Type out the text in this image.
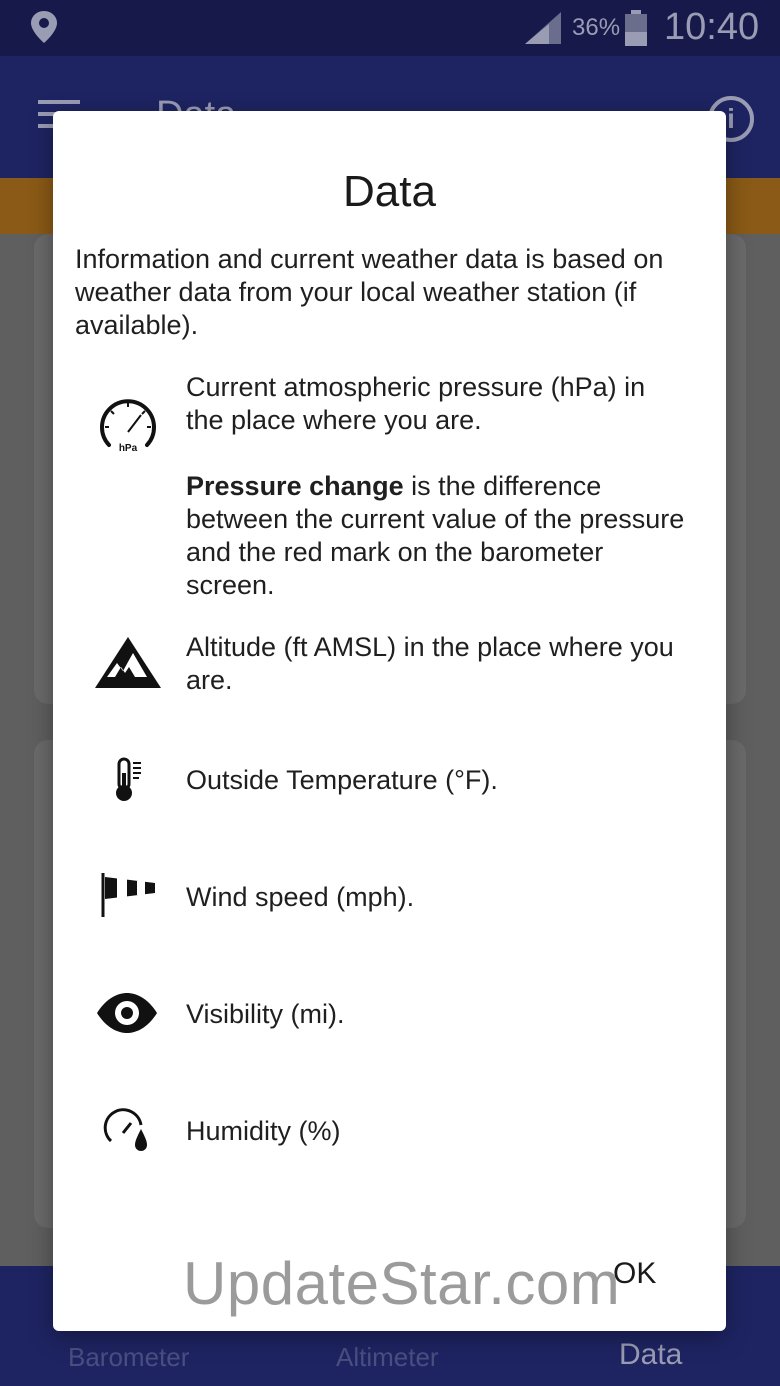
36% 10:40
i
Barometer	Altimeter	Data
Data
Information and current weather data is based on weather data from your local weather station (if available).
hPa
Current atmospheric pressure (hPa) in the place where you are.
Pressure change is the difference between the current value of the pressure and the red mark on the barometer screen.
Altitude (ft AMSL) in the place where you are.
Outside Temperature (°F).
Wind speed (mph).
Visibility (mi).
Humidity (%)
UpdateStar.com
OK
